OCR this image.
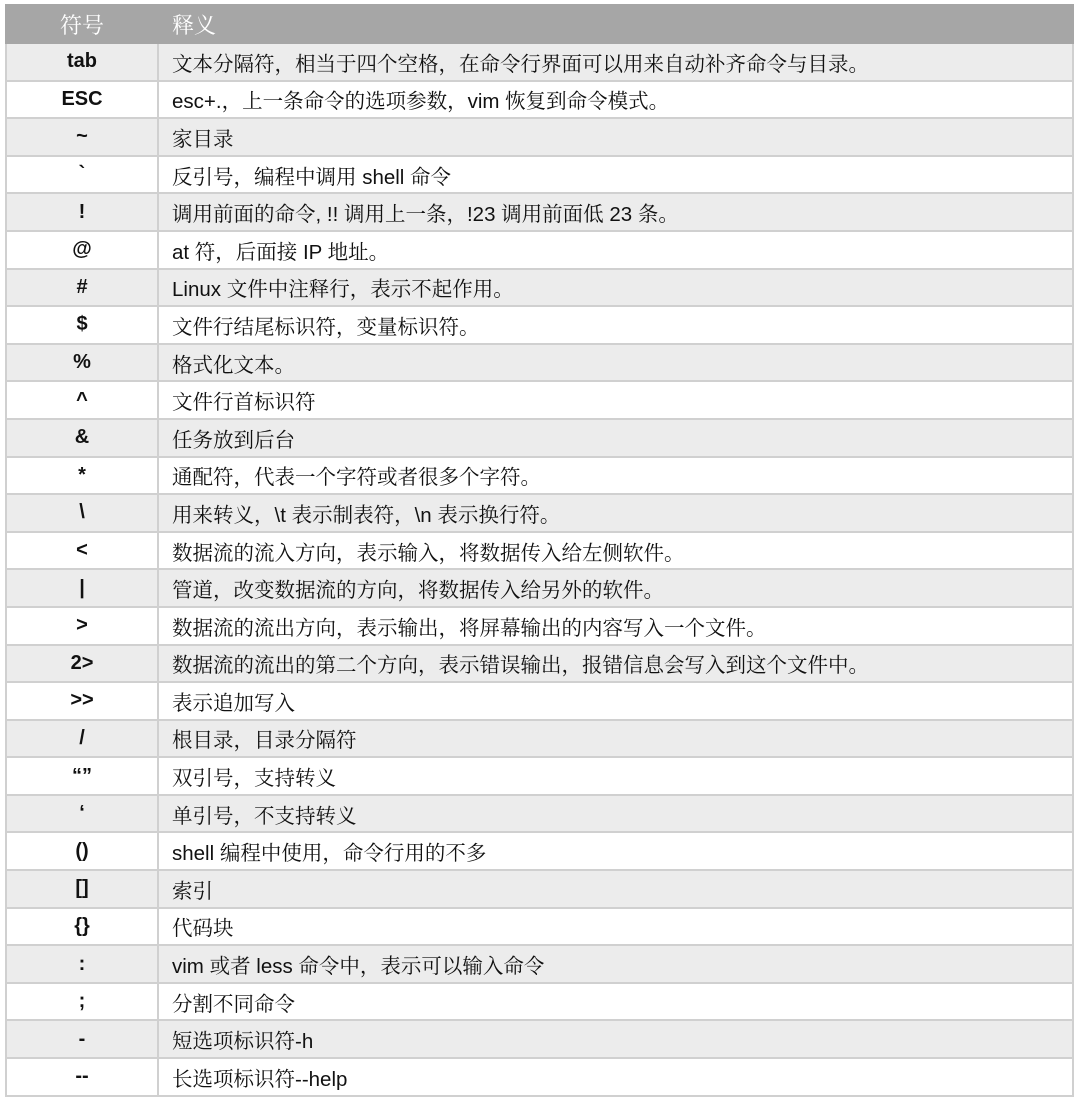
符号	释义
tab	文本分隔符，相当于四个空格，在命令行界面可以用来自动补齐命令与目录。
ESC	esc+.，上一条命令的选项参数，vim 恢复到命令模式。
~	家目录
`	反引号，编程中调用 shell 命令
!	调用前面的命令, !! 调用上一条，!23 调用前面低 23 条。
@	at 符，后面接 IP 地址。
#	Linux 文件中注释行，表示不起作用。
$	文件行结尾标识符，变量标识符。
%	格式化文本。
^	文件行首标识符
&	任务放到后台
*	通配符，代表一个字符或者很多个字符。
\	用来转义，\t 表示制表符，\n 表示换行符。
<	数据流的流入方向，表示输入，将数据传入给左侧软件。
|	管道，改变数据流的方向，将数据传入给另外的软件。
>	数据流的流出方向，表示输出，将屏幕输出的内容写入一个文件。
2>	数据流的流出的第二个方向，表示错误输出，报错信息会写入到这个文件中。
>>	表示追加写入
/	根目录，目录分隔符
“”	双引号，支持转义
‘	单引号，不支持转义
()	shell 编程中使用，命令行用的不多
[]	索引
{}	代码块
:	vim 或者 less 命令中，表示可以输入命令
;	分割不同命令
-	短选项标识符-h
--	长选项标识符--help
